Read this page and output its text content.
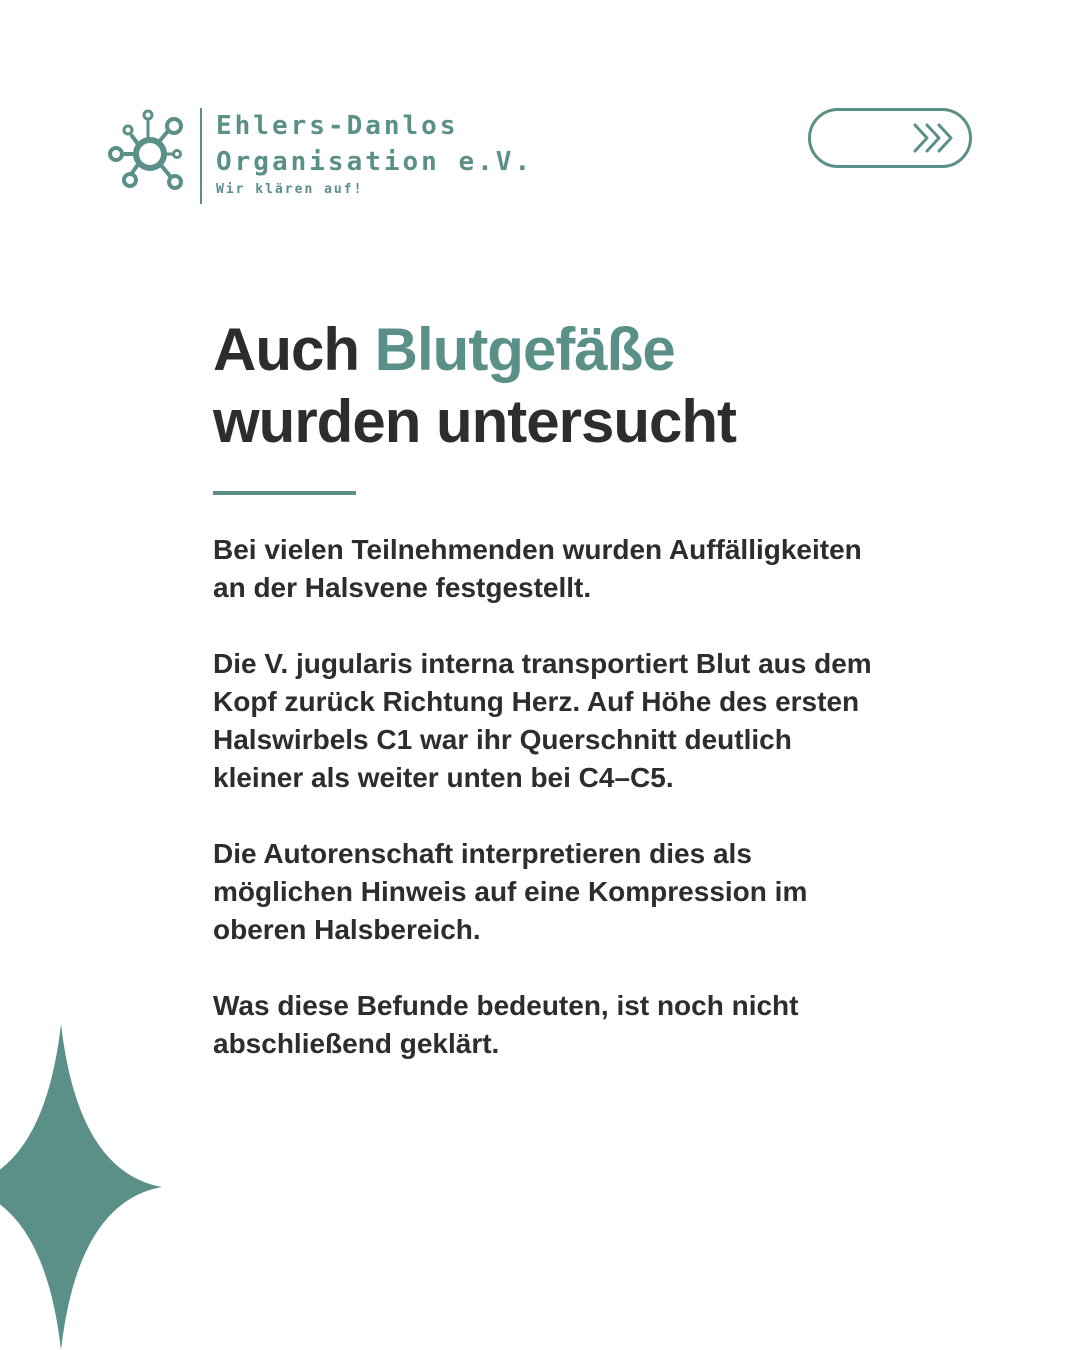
Ehlers-Danlos
Organisation e.V.
Wir klären auf!
Auch Blutgefäße
wurden untersucht

Bei vielen Teilnehmenden wurden Auffälligkeiten an der Halsvene festgestellt.

Die V. jugularis interna transportiert Blut aus dem Kopf zurück Richtung Herz. Auf Höhe des ersten Halswirbels C1 war ihr Querschnitt deutlich kleiner als weiter unten bei C4–C5.

Die Autorenschaft interpretieren dies als möglichen Hinweis auf eine Kompression im oberen Halsbereich.

Was diese Befunde bedeuten, ist noch nicht abschließend geklärt.
